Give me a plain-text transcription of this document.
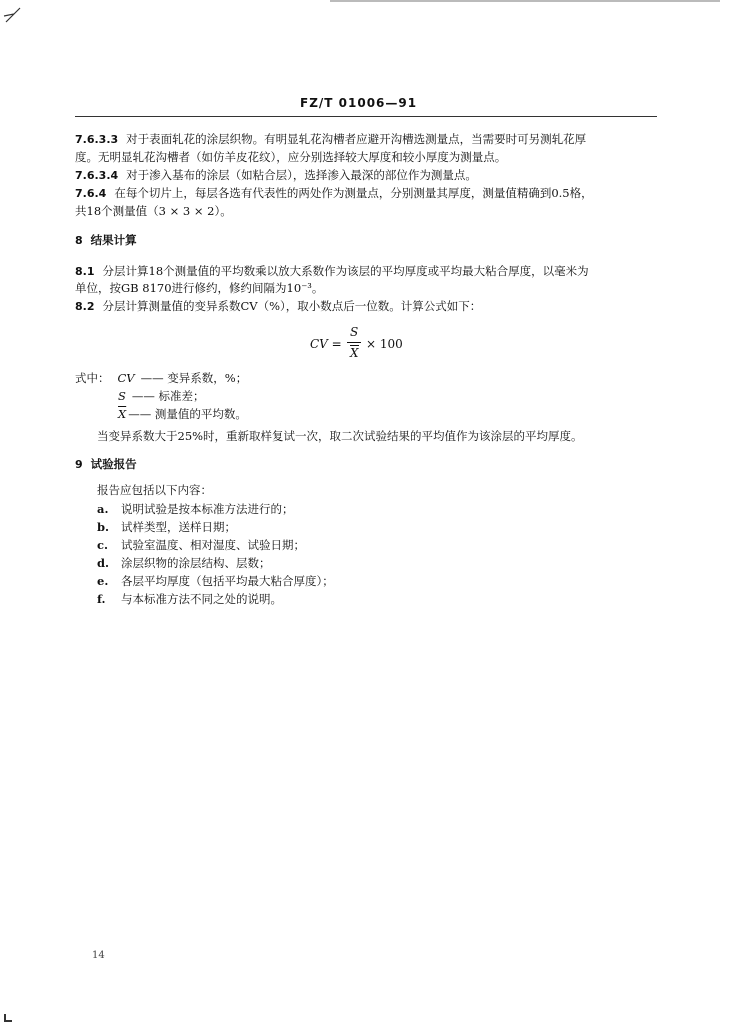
FZ/T 01006—91
7.6.3.3 对于表面轧花的涂层织物。有明显轧花沟槽者应避开沟槽选测量点，当需要时可另测轧花厚
度。无明显轧花沟槽者（如仿羊皮花纹），应分别选择较大厚度和较小厚度为测量点。
7.6.3.4 对于渗入基布的涂层（如粘合层），选择渗入最深的部位作为测量点。
7.6.4 在每个切片上，每层各选有代表性的两处作为测量点，分别测量其厚度，测量值精确到0.5格，
共18个测量值（3 × 3 × 2）。
8 结果计算
8.1 分层计算18个测量值的平均数乘以放大系数作为该层的平均厚度或平均最大粘合厚度，以毫米为
单位，按GB 8170进行修约，修约间隔为10⁻³。
8.2 分层计算测量值的变异系数CV（%），取小数点后一位数。计算公式如下：
CV =
S
X
× 100
式中： CV —— 变异系数，%；
S —— 标准差；
$\overline{X}$ —— 测量值的平均数。
当变异系数大于25%时，重新取样复试一次，取二次试验结果的平均值作为该涂层的平均厚度。
9 试验报告
报告应包括以下内容：
a. 说明试验是按本标准方法进行的；
b. 试样类型，送样日期；
c. 试验室温度、相对湿度、试验日期；
d. 涂层织物的涂层结构、层数；
e. 各层平均厚度（包括平均最大粘合厚度）；
f. 与本标准方法不同之处的说明。
14
